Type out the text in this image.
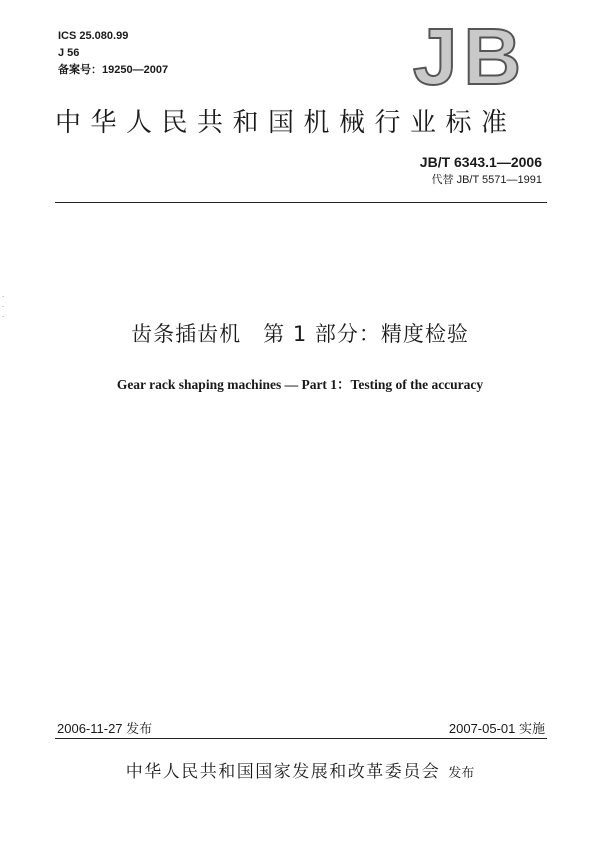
ICS 25.080.99
J 56
备案号：19250—2007	JB
中华人民共和国机械行业标准
JB/T 6343.1—2006
代替 JB/T 5571—1991
齿条插齿机　第 1 部分：精度检验
Gear rack shaping machines — Part 1：Testing of the accuracy
.
.
.
2006-11-27 发布	2007-05-01 实施
中华人民共和国国家发展和改革委员会 发布
